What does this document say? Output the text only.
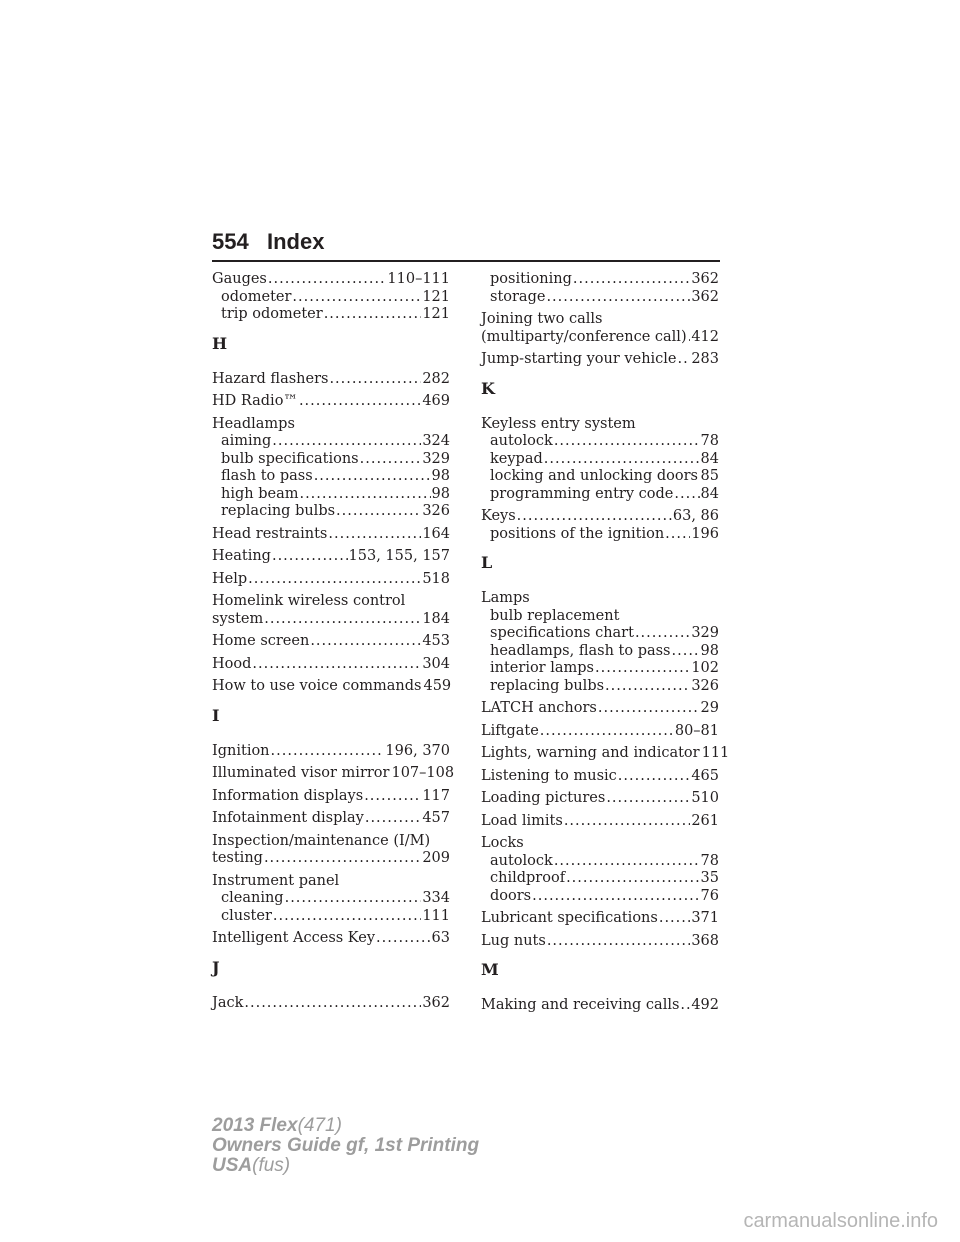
554 Index
Gauges .....	110–111
odometer .....	121
trip odometer .....	121
H
Hazard flashers .....	282
HD Radio™ .....	469
Headlamps
aiming .....	324
bulb specifications .....	329
flash to pass .....	98
high beam .....	98
replacing bulbs .....	326
Head restraints .....	164
Heating .....	153, 155, 157
Help .....	518
Homelink wireless control
system .....	184
Home screen .....	453
Hood .....	304
How to use voice commands 459
I
Ignition .....	196, 370
Illuminated visor mirror 107–108
Information displays .....	117
Infotainment display .....	457
Inspection/maintenance (I/M)
testing .....	209
Instrument panel
cleaning .....	334
cluster .....	111
Intelligent Access Key .....	63
J
Jack .....	362
positioning .....	362
storage .....	362
Joining two calls
(multiparty/conference call) ..... 412
Jump-starting your vehicle ..... 283
K
Keyless entry system
autolock .....	78
keypad .....	84
locking and unlocking doors ..... 85
programming entry code ..... 84
Keys .....	63, 86
positions of the ignition ..... 196
L
Lamps
bulb replacement
specifications chart .....	329
headlamps, flash to pass ..... 98
interior lamps .....	102
replacing bulbs .....	326
LATCH anchors .....	29
Liftgate .....	80–81
Lights, warning and indicator 111
Listening to music .....	465
Loading pictures .....	510
Load limits .....	261
Locks
autolock .....	78
childproof .....	35
doors .....	76
Lubricant specifications ..... 371
Lug nuts .....	368
M
Making and receiving calls ..... 492
2013 Flex(471)
Owners Guide gf, 1st Printing
USA(fus)
carmanualsonline.info
